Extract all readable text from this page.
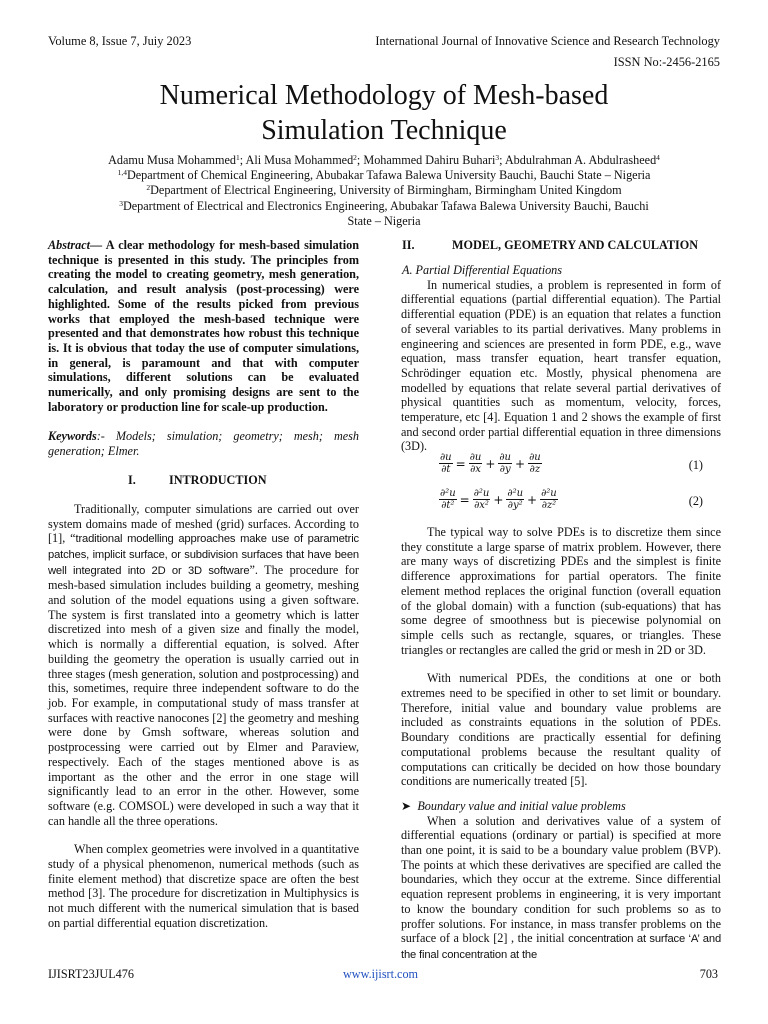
Volume 8, Issue 7, Juiy 2023	International Journal of Innovative Science and Research Technology
ISSN No:-2456-2165
Numerical Methodology of Mesh-based
Simulation Technique
Adamu Musa Mohammed$^1$; Ali Musa Mohammed$^2$; Mohammed Dahiru Buhari$^3$; Abdulrahman A. Abdulrasheed$^4$
$^{1,4}$Department of Chemical Engineering, Abubakar Tafawa Balewa University Bauchi, Bauchi State – Nigeria
$^2$Department of Electrical Engineering, University of Birmingham, Birmingham United Kingdom
$^3$Department of Electrical and Electronics Engineering, Abubakar Tafawa Balewa University Bauchi, Bauchi
State – Nigeria

Abstract— A clear methodology for mesh-based simulation technique is presented in this study. The principles from creating the model to creating geometry, mesh generation, calculation, and result analysis (post-processing) were highlighted. Some of the results picked from previous works that employed the mesh-based technique were presented and that demonstrates how robust this technique is. It is obvious that today the use of computer simulations, in general, is paramount and that with computer simulations, different solutions can be evaluated numerically, and only promising designs are sent to the laboratory or production line for scale-up production.

Keywords:- Models; simulation; geometry; mesh; mesh generation; Elmer.

I.	INTRODUCTION

Traditionally, computer simulations are carried out over system domains made of meshed (grid) surfaces. According to [1], “traditional modelling approaches make use of parametric patches, implicit surface, or subdivision surfaces that have been well integrated into 2D or 3D software”. The procedure for mesh-based simulation includes building a geometry, meshing and solution of the model equations using a given software. The system is first translated into a geometry which is latter discretized into mesh of a given size and finally the model, which is normally a differential equation, is solved. After building the geometry the operation is usually carried out in three stages (mesh generation, solution and postprocessing) and this, sometimes, require three independent software to do the job. For example, in computational study of mass transfer at surfaces with reactive nanocones [2] the geometry and meshing were done by Gmsh software, whereas solution and postprocessing were carried out by Elmer and Paraview, respectively. Each of the stages mentioned above is as important as the other and the error in one stage will significantly lead to an error in the other. However, some software (e.g. COMSOL) were developed in such a way that it can handle all the three operations.

When complex geometries were involved in a quantitative study of a physical phenomenon, numerical methods (such as finite element method) that discretize space are often the best method [3]. The procedure for discretization in Multiphysics is not much different with the numerical simulation that is based on partial differential equation discretization.

II.	MODEL, GEOMETRY AND CALCULATION
A. Partial Differential Equations

In numerical studies, a problem is represented in form of differential equations (partial differential equation). The Partial differential equation (PDE) is an equation that relates a function of several variables to its partial derivatives. Many problems in engineering and sciences are presented in form PDE, e.g., wave equation, mass transfer equation, heart transfer equation, Schrödinger equation etc. Mostly, physical phenomena are modelled by equations that relate several partial derivatives of physical quantities such as momentum, velocity, forces, temperature, etc [4]. Equation 1 and 2 shows the example of first and second order partial differential equation in three dimensions (3D).

$\frac{\partial u}{\partial t} = \frac{\partial u}{\partial x} + \frac{\partial u}{\partial y} + \frac{\partial u}{\partial z}$	(1)
$\frac{\text{∂²u}}{\text{∂t²}} = \frac{\text{∂²u}}{\text{∂x²}} + \frac{\text{∂²u}}{\text{∂y²}} + \frac{\text{∂²u}}{\text{∂z²}}$	(2)

The typical way to solve PDEs is to discretize them since they constitute a large sparse of matrix problem. However, there are many ways of discretizing PDEs and the simplest is finite difference approximations for partial operators. The finite element method replaces the original function (overall equation of the global domain) with a function (sub-equations) that has some degree of smoothness but is piecewise polynomial on simple cells such as rectangle, squares, or triangles. These triangles or rectangles are called the grid or mesh in 2D or 3D.

With numerical PDEs, the conditions at one or both extremes need to be specified in other to set limit or boundary. Therefore, initial value and boundary value problems are included as constraints equations in the solution of PDEs. Boundary conditions are practically essential for defining computational problems because the resultant quality of computations can critically be decided on how those boundary conditions are numerically treated [5].

➤  Boundary value and initial value problems

When a solution and derivatives value of a system of differential equations (ordinary or partial) is specified at more than one point, it is said to be a boundary value problem (BVP). The points at which these derivatives are specified are called the boundaries, which they occur at the extreme. Since differential equation represent problems in engineering, it is very important to know the boundary condition for such problems so as to proffer solutions. For instance, in mass transfer problems on the surface of a block [2] , the initial concentration at surface ‘A’ and the final concentration at the

IJISRT23JUL476	www.ijisrt.com	703
